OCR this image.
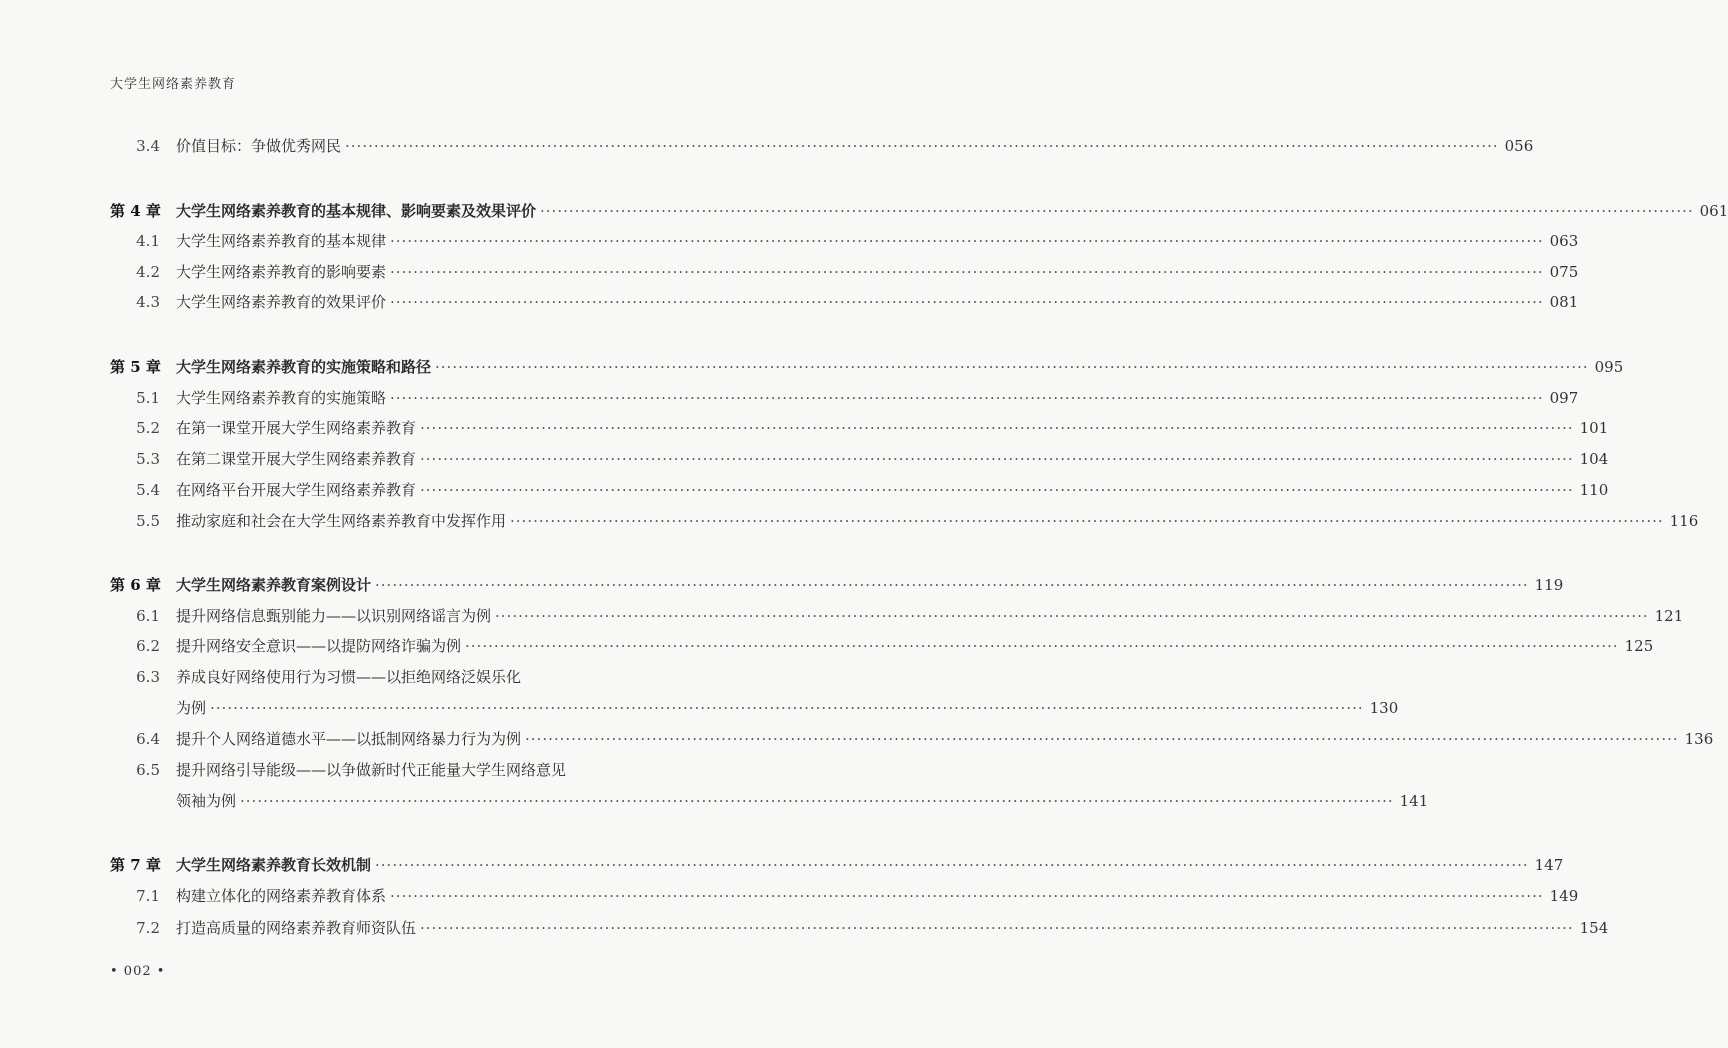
大学生网络素养教育
3.4 价值目标：争做优秀网民 ········································································································································································································ 056
第 4 章 大学生网络素养教育的基本规律、影响要素及效果评价 ········································································································································································································ 061
4.1 大学生网络素养教育的基本规律 ········································································································································································································ 063
4.2 大学生网络素养教育的影响要素 ········································································································································································································ 075
4.3 大学生网络素养教育的效果评价 ········································································································································································································ 081
第 5 章 大学生网络素养教育的实施策略和路径 ········································································································································································································ 095
5.1 大学生网络素养教育的实施策略 ········································································································································································································ 097
5.2 在第一课堂开展大学生网络素养教育 ········································································································································································································ 101
5.3 在第二课堂开展大学生网络素养教育 ········································································································································································································ 104
5.4 在网络平台开展大学生网络素养教育 ········································································································································································································ 110
5.5 推动家庭和社会在大学生网络素养教育中发挥作用 ········································································································································································································ 116
第 6 章 大学生网络素养教育案例设计 ········································································································································································································ 119
6.1 提升网络信息甄别能力——以识别网络谣言为例 ········································································································································································································ 121
6.2 提升网络安全意识——以提防网络诈骗为例 ········································································································································································································ 125
6.3 养成良好网络使用行为习惯——以拒绝网络泛娱乐化
为例 ········································································································································································································ 130
6.4 提升个人网络道德水平——以抵制网络暴力行为为例 ········································································································································································································ 136
6.5 提升网络引导能级——以争做新时代正能量大学生网络意见
领袖为例 ········································································································································································································ 141
第 7 章 大学生网络素养教育长效机制 ········································································································································································································ 147
7.1 构建立体化的网络素养教育体系 ········································································································································································································ 149
7.2 打造高质量的网络素养教育师资队伍 ········································································································································································································ 154
• 002 •
